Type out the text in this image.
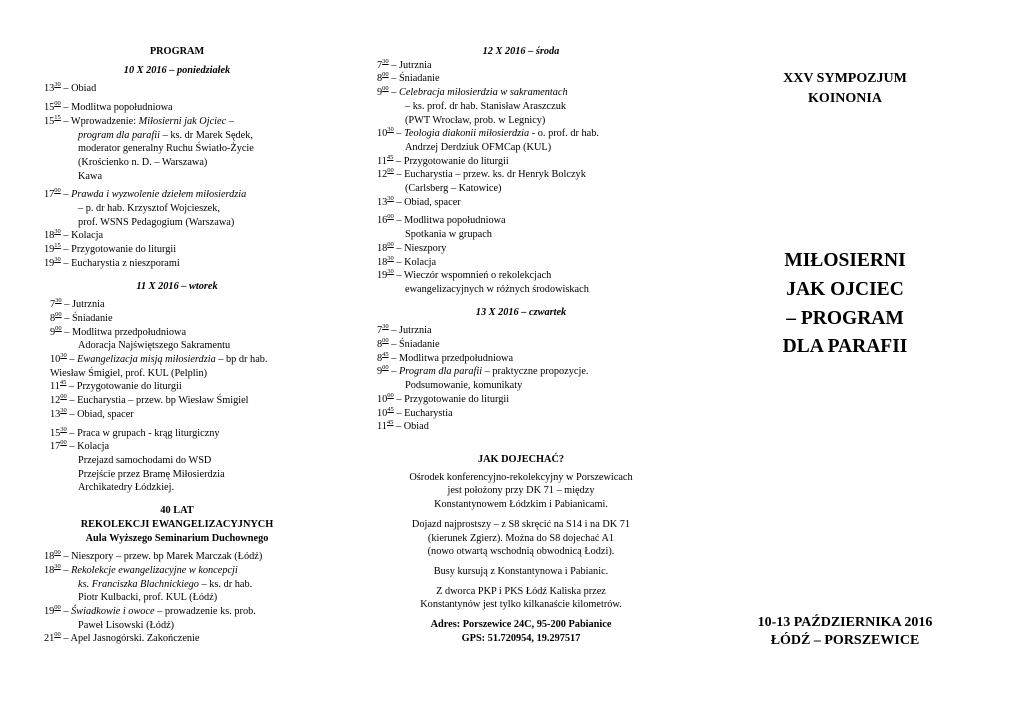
PROGRAM
10 X 2016 – poniedziałek
$13^{30}$ – Obiad
$15^{00}$ – Modlitwa popołudniowa
$15^{15}$ – Wprowadzenie: Miłosierni jak Ojciec –
program dla parafii – ks. dr Marek Sędek,
moderator generalny Ruchu Światło-Życie
(Krościenko n. D. – Warszawa)
Kawa
$17^{00}$ – Prawda i wyzwolenie dziełem miłosierdzia
– p. dr hab. Krzysztof Wojcieszek,
prof. WSNS Pedagogium (Warszawa)
$18^{30}$ – Kolacja
$19^{15}$ – Przygotowanie do liturgii
$19^{30}$ – Eucharystia z nieszporami
11 X 2016 – wtorek
$7^{30}$ – Jutrznia
$8^{00}$ – Śniadanie
$9^{00}$ – Modlitwa przedpołudniowa
Adoracja Najświętszego Sakramentu
$10^{30}$ – Ewangelizacja misją miłosierdzia – bp dr hab.
Wiesław Śmigiel, prof. KUL (Pelplin)
$11^{45}$ – Przygotowanie do liturgii
$12^{00}$ – Eucharystia – przew. bp Wiesław Śmigiel
$13^{30}$ – Obiad, spacer
$15^{30}$ – Praca w grupach - krąg liturgiczny
$17^{00}$ – Kolacja
Przejazd samochodami do WSD
Przejście przez Bramę Miłosierdzia
Archikatedry Łódzkiej.
40 LAT
REKOLEKCJI EWANGELIZACYJNYCH
Aula Wyższego Seminarium Duchownego
$18^{00}$ – Nieszpory – przew. bp Marek Marczak (Łódź)
$18^{30}$ – Rekolekcje ewangelizacyjne w koncepcji
ks. Franciszka Blachnickiego – ks. dr hab.
Piotr Kulbacki, prof. KUL (Łódź)
$19^{00}$ – Świadkowie i owoce – prowadzenie ks. prob.
Paweł Lisowski (Łódź)
$21^{00}$ – Apel Jasnogórski. Zakończenie
12 X 2016 – środa
$7^{30}$ – Jutrznia
$8^{00}$ – Śniadanie
$9^{00}$ – Celebracja miłosierdzia w sakramentach
– ks. prof. dr hab. Stanisław Araszczuk
(PWT Wrocław, prob. w Legnicy)
$10^{30}$ – Teologia diakonii miłosierdzia - o. prof. dr hab.
Andrzej Derdziuk OFMCap (KUL)
$11^{45}$ – Przygotowanie do liturgii
$12^{00}$ – Eucharystia – przew. ks. dr Henryk Bolczyk
(Carlsberg – Katowice)
$13^{30}$ – Obiad, spacer
$16^{00}$ – Modlitwa popołudniowa
Spotkania w grupach
$18^{00}$ – Nieszpory
$18^{30}$ – Kolacja
$19^{30}$ – Wieczór wspomnień o rekolekcjach
ewangelizacyjnych w różnych środowiskach
13 X 2016 – czwartek
$7^{30}$ – Jutrznia
$8^{00}$ – Śniadanie
$8^{45}$ – Modlitwa przedpołudniowa
$9^{00}$ – Program dla parafii – praktyczne propozycje.
Podsumowanie, komunikaty
$10^{00}$ – Przygotowanie do liturgii
$10^{45}$ – Eucharystia
$11^{45}$ – Obiad
JAK DOJECHAĆ?
Ośrodek konferencyjno-rekolekcyjny w Porszewicach
jest położony przy DK 71 – między
Konstantynowem Łódzkim i Pabianicami.
Dojazd najprostszy – z S8 skręcić na S14 i na DK 71
(kierunek Zgierz). Można do S8 dojechać A1
(nowo otwartą wschodnią obwodnicą Łodzi).
Busy kursują z Konstantynowa i Pabianic.
Z dworca PKP i PKS Łódź Kaliska przez
Konstantynów jest tylko kilkanaście kilometrów.
Adres: Porszewice 24C, 95-200 Pabianice
GPS: 51.720954, 19.297517
XXV SYMPOZJUM
KOINONIA
MIŁOSIERNI
JAK OJCIEC
– PROGRAM
DLA PARAFII
10-13 PAŹDZIERNIKA 2016
ŁÓDŹ – PORSZEWICE
